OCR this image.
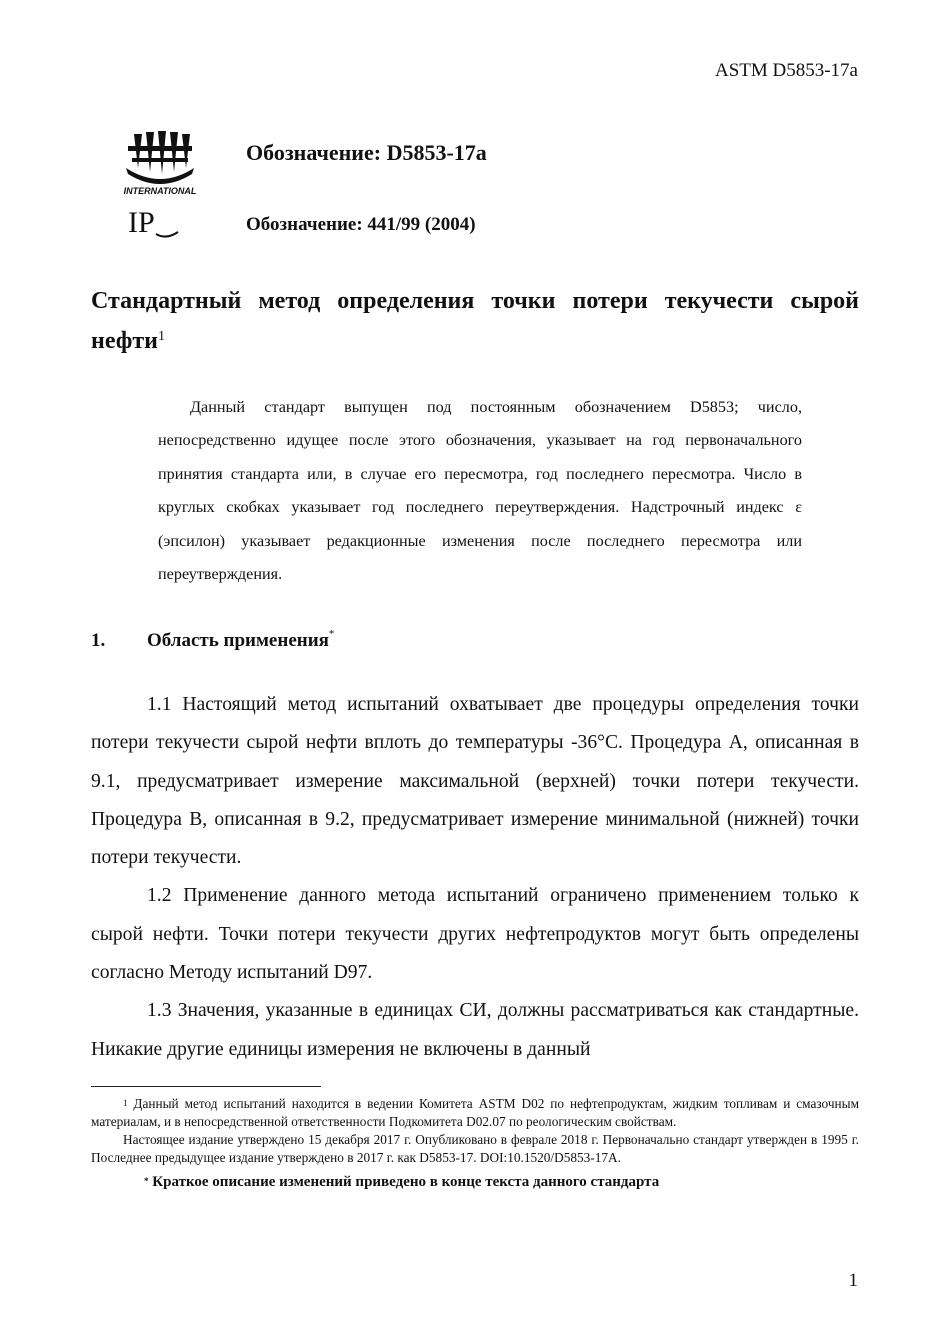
ASTM D5853-17a
INTERNATIONAL
IP
Обозначение: D5853-17a
Обозначение: 441/99 (2004)
Стандартный метод определения точки потери текучести сырой нефти$^1$
Данный стандарт выпущен под постоянным обозначением D5853; число, непосредственно идущее после этого обозначения, указывает на год первоначального принятия стандарта или, в случае его пересмотра, год последнего пересмотра. Число в круглых скобках указывает год последнего переутверждения. Надстрочный индекс ε (эпсилон) указывает редакционные изменения после последнего пересмотра или переутверждения.
1. Область применения*

1.1 Настоящий метод испытаний охватывает две процедуры определения точки потери текучести сырой нефти вплоть до температуры -36°С. Процедура А, описанная в 9.1, предусматривает измерение максимальной (верхней) точки потери текучести. Процедура В, описанная в 9.2, предусматривает измерение минимальной (нижней) точки потери текучести.

1.2 Применение данного метода испытаний ограничено применением только к сырой нефти. Точки потери текучести других нефтепродуктов могут быть определены согласно Методу испытаний D97.

1.3 Значения, указанные в единицах СИ, должны рассматриваться как стандартные. Никакие другие единицы измерения не включены в данный

$^1$ Данный метод испытаний находится в ведении Комитета ASTM D02 по нефтепродуктам, жидким топливам и смазочным материалам, и в непосредственной ответственности Подкомитета D02.07 по реологическим свойствам.

Настоящее издание утверждено 15 декабря 2017 г. Опубликовано в феврале 2018 г. Первоначально стандарт утвержден в 1995 г. Последнее предыдущее издание утверждено в 2017 г. как D5853-17. DOI:10.1520/D5853-17A.

* Краткое описание изменений приведено в конце текста данного стандарта

1
